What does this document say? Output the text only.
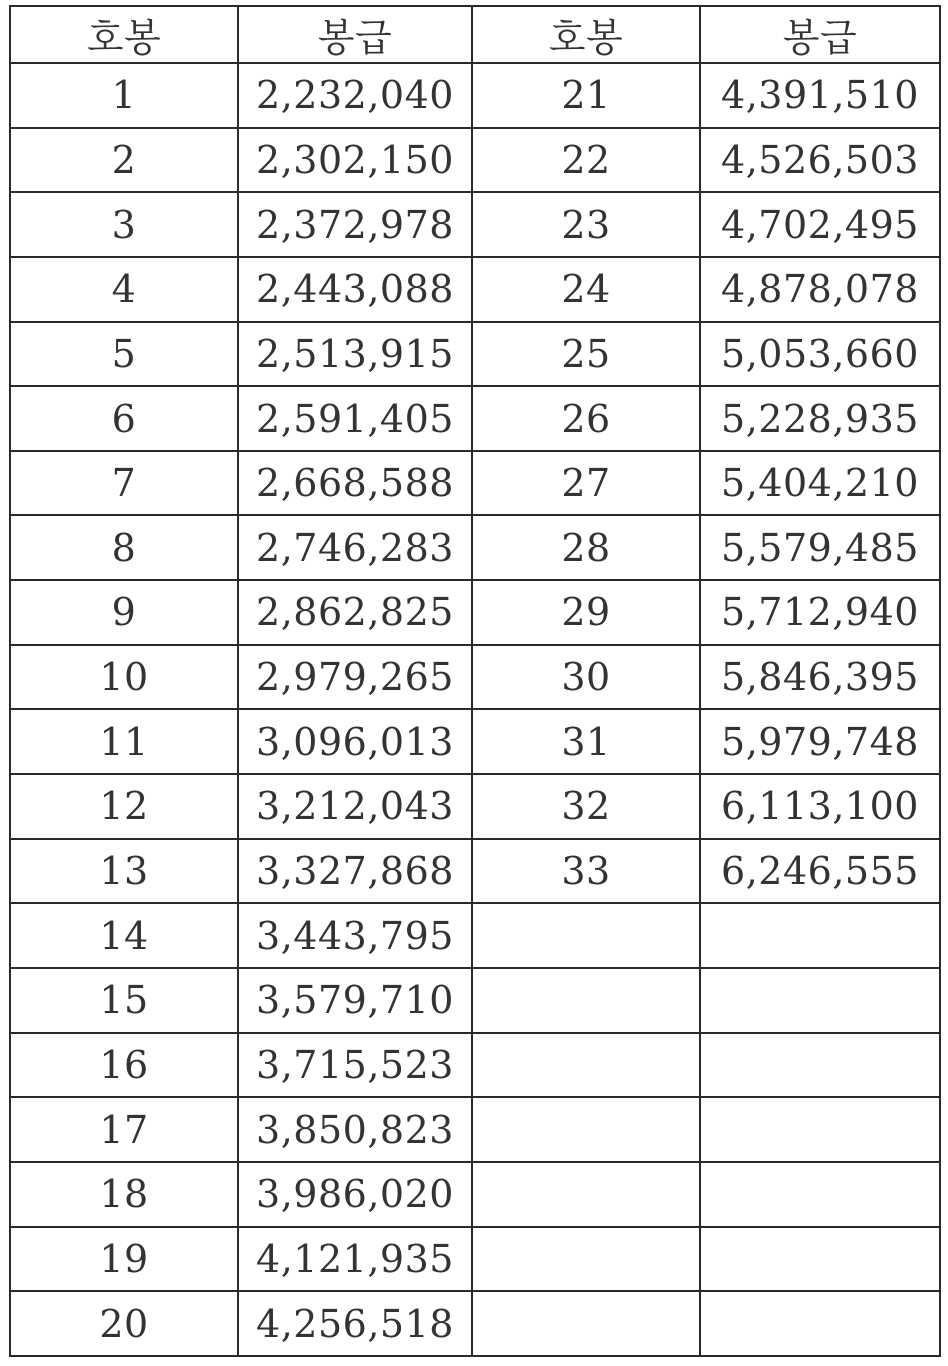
호봉	봉급	호봉	봉급
1	2,232,040	21	4,391,510
2	2,302,150	22	4,526,503
3	2,372,978	23	4,702,495
4	2,443,088	24	4,878,078
5	2,513,915	25	5,053,660
6	2,591,405	26	5,228,935
7	2,668,588	27	5,404,210
8	2,746,283	28	5,579,485
9	2,862,825	29	5,712,940
10	2,979,265	30	5,846,395
11	3,096,013	31	5,979,748
12	3,212,043	32	6,113,100
13	3,327,868	33	6,246,555
14	3,443,795		
15	3,579,710		
16	3,715,523		
17	3,850,823		
18	3,986,020		
19	4,121,935		
20	4,256,518		
